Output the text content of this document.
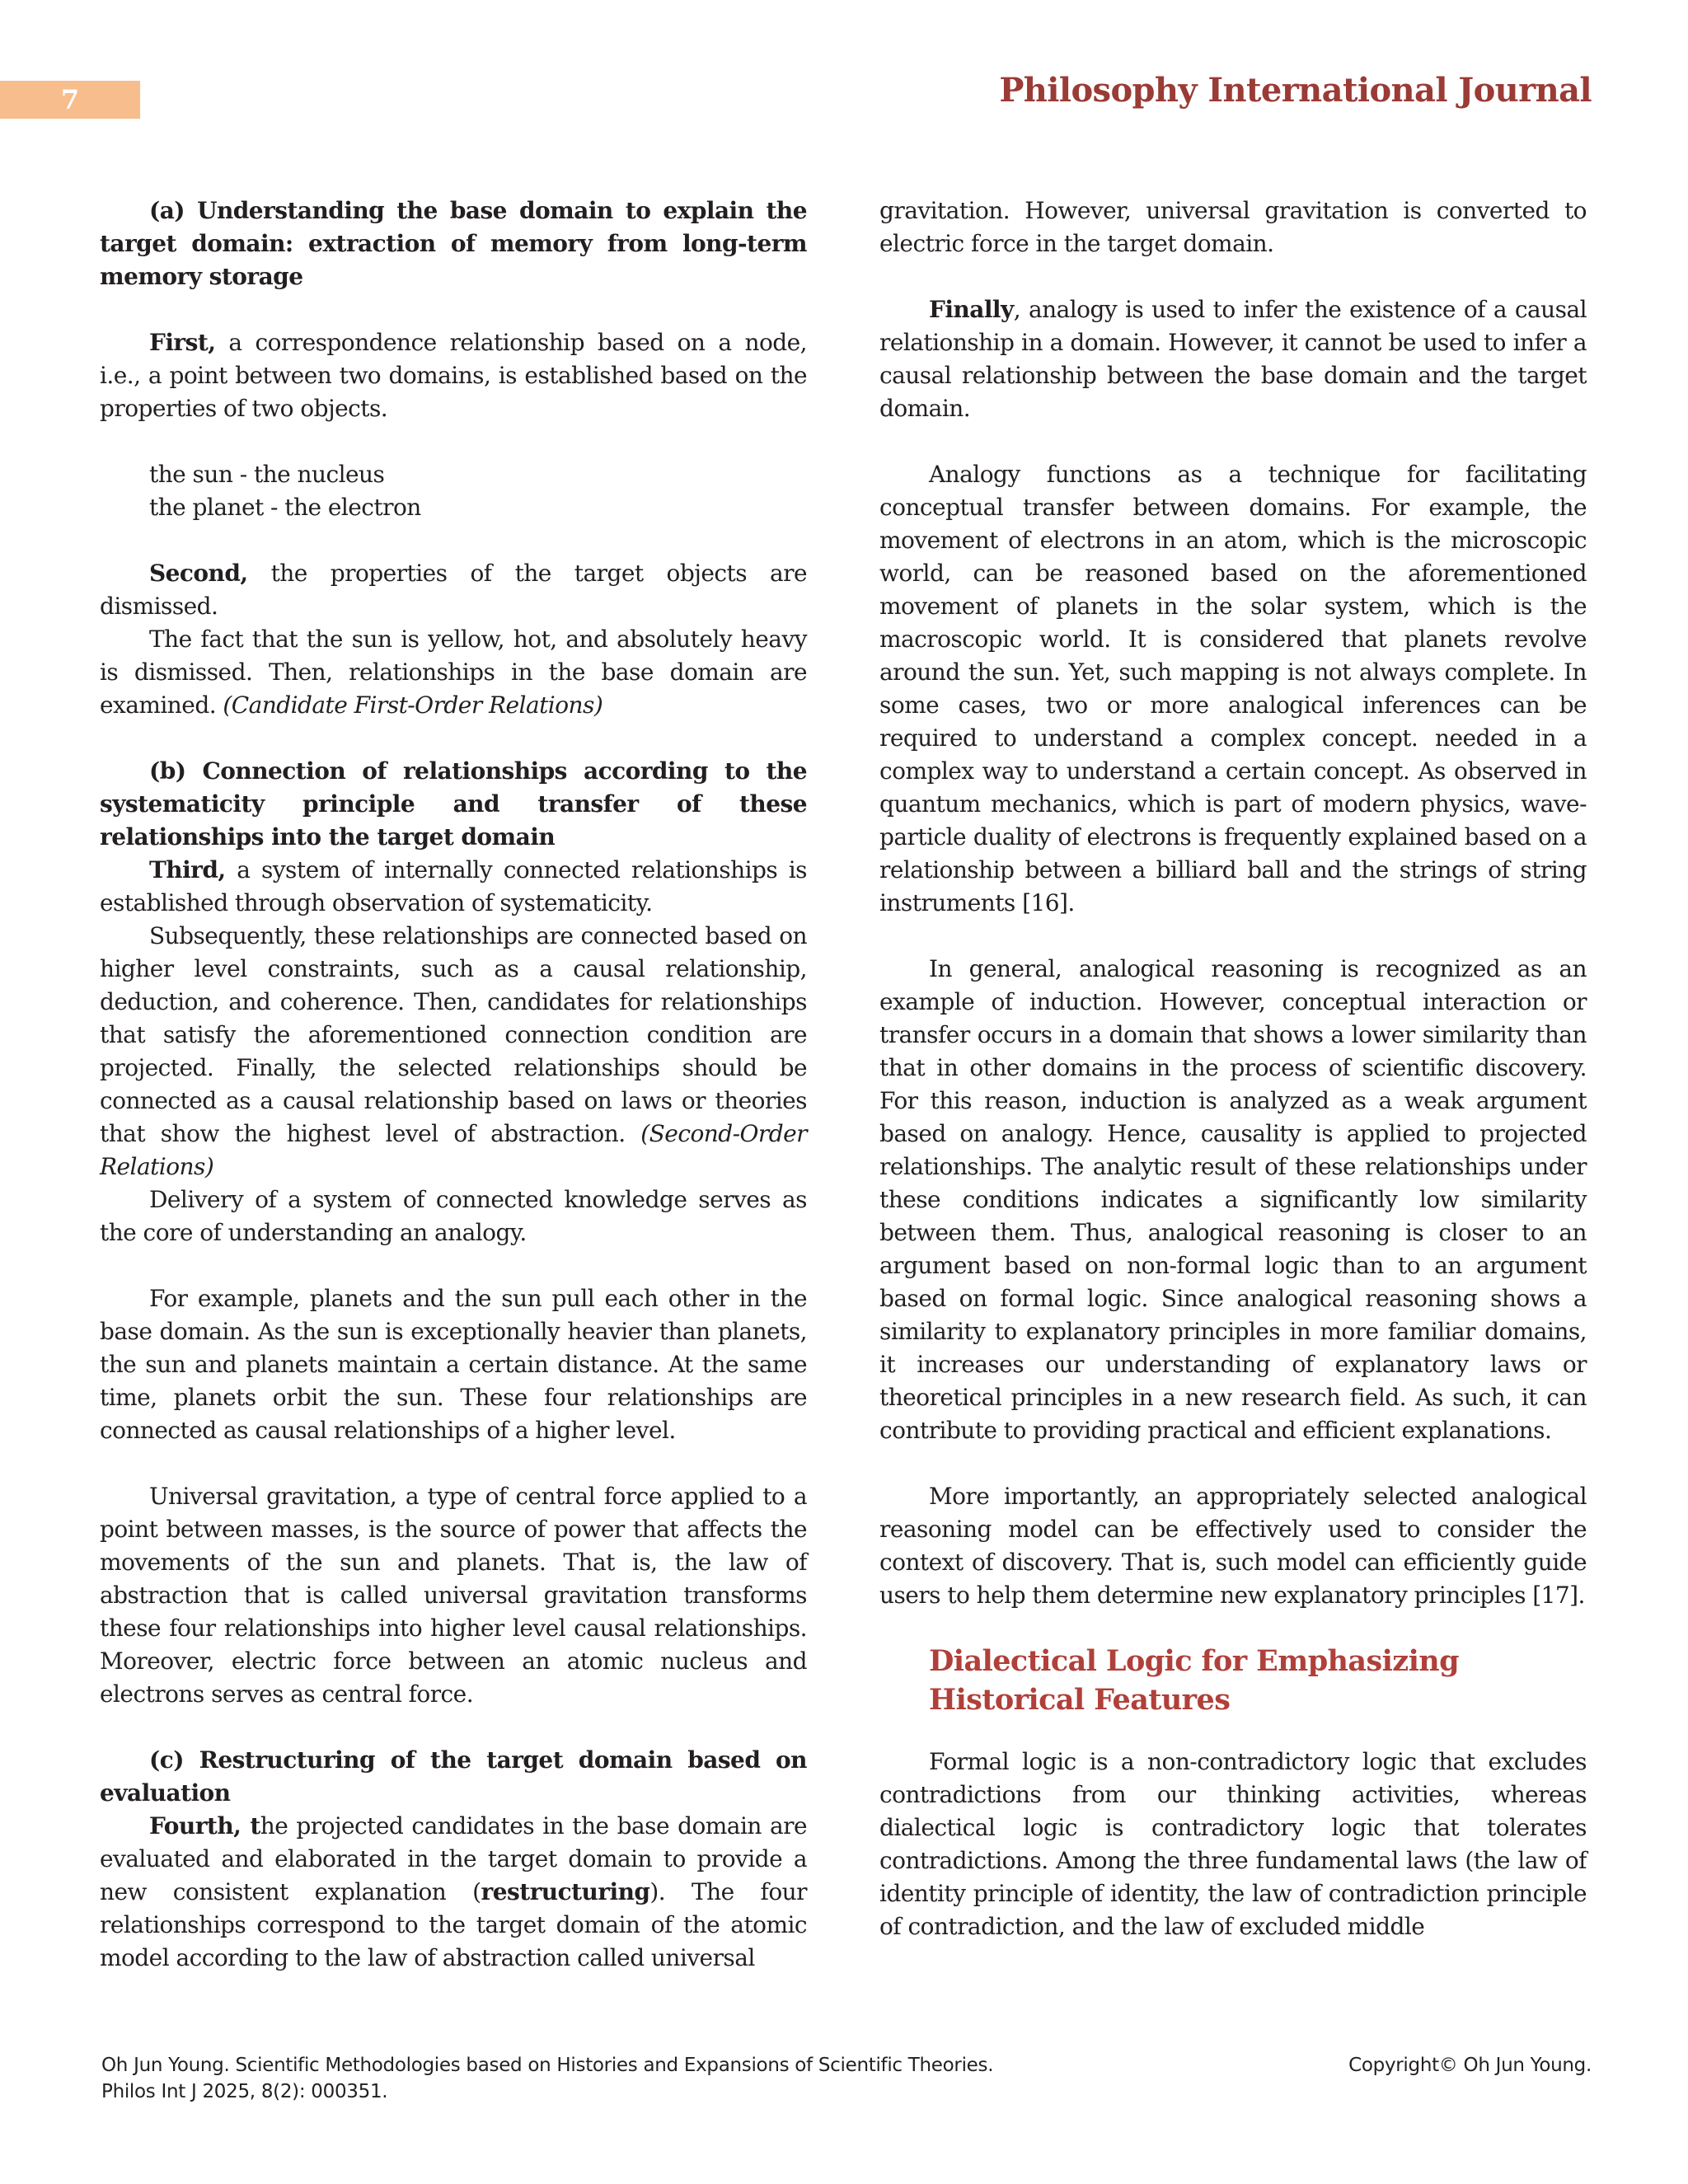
7	Philosophy International Journal

(a) Understanding the base domain to explain the target domain: extraction of memory from long-term memory storage

First, a correspondence relationship based on a node, i.e., a point between two domains, is established based on the properties of two objects.

the sun - the nucleus

the planet - the electron

Second, the properties of the target objects are dismissed.

The fact that the sun is yellow, hot, and absolutely heavy is dismissed. Then, relationships in the base domain are examined. (Candidate First-Order Relations)

(b) Connection of relationships according to the systematicity principle and transfer of these relationships into the target domain

Third, a system of internally connected relationships is established through observation of systematicity.

Subsequently, these relationships are connected based on higher level constraints, such as a causal relationship, deduction, and coherence. Then, candidates for relationships that satisfy the aforementioned connection condition are projected. Finally, the selected relationships should be connected as a causal relationship based on laws or theories that show the highest level of abstraction. (Second-Order Relations)

Delivery of a system of connected knowledge serves as the core of understanding an analogy.

For example, planets and the sun pull each other in the base domain. As the sun is exceptionally heavier than planets, the sun and planets maintain a certain distance. At the same time, planets orbit the sun. These four relationships are connected as causal relationships of a higher level.

Universal gravitation, a type of central force applied to a point between masses, is the source of power that affects the movements of the sun and planets. That is, the law of abstraction that is called universal gravitation transforms these four relationships into higher level causal relationships. Moreover, electric force between an atomic nucleus and electrons serves as central force.

(c) Restructuring of the target domain based on evaluation

Fourth, the projected candidates in the base domain are evaluated and elaborated in the target domain to provide a new consistent explanation (restructuring). The four relationships correspond to the target domain of the atomic model according to the law of abstraction called universal

gravitation. However, universal gravitation is converted to electric force in the target domain.

Finally, analogy is used to infer the existence of a causal relationship in a domain. However, it cannot be used to infer a causal relationship between the base domain and the target domain.

Analogy functions as a technique for facilitating conceptual transfer between domains. For example, the movement of electrons in an atom, which is the microscopic world, can be reasoned based on the aforementioned movement of planets in the solar system, which is the macroscopic world. It is considered that planets revolve around the sun. Yet, such mapping is not always complete. In some cases, two or more analogical inferences can be required to understand a complex concept. needed in a complex way to understand a certain concept. As observed in quantum mechanics, which is part of modern physics, wave-particle duality of electrons is frequently explained based on a relationship between a billiard ball and the strings of string instruments [16].

In general, analogical reasoning is recognized as an example of induction. However, conceptual interaction or transfer occurs in a domain that shows a lower similarity than that in other domains in the process of scientific discovery. For this reason, induction is analyzed as a weak argument based on analogy. Hence, causality is applied to projected relationships. The analytic result of these relationships under these conditions indicates a significantly low similarity between them. Thus, analogical reasoning is closer to an argument based on non-formal logic than to an argument based on formal logic. Since analogical reasoning shows a similarity to explanatory principles in more familiar domains, it increases our understanding of explanatory laws or theoretical principles in a new research field. As such, it can contribute to providing practical and efficient explanations.

More importantly, an appropriately selected analogical reasoning model can be effectively used to consider the context of discovery. That is, such model can efficiently guide users to help them determine new explanatory principles [17].

Dialectical Logic for Emphasizing Historical Features

Formal logic is a non-contradictory logic that excludes contradictions from our thinking activities, whereas dialectical logic is contradictory logic that tolerates contradictions. Among the three fundamental laws (the law of identity principle of identity, the law of contradiction principle of contradiction, and the law of excluded middle

Oh Jun Young. Scientific Methodologies based on Histories and Expansions of Scientific Theories.
Philos Int J 2025, 8(2): 000351.
Copyright© Oh Jun Young.
